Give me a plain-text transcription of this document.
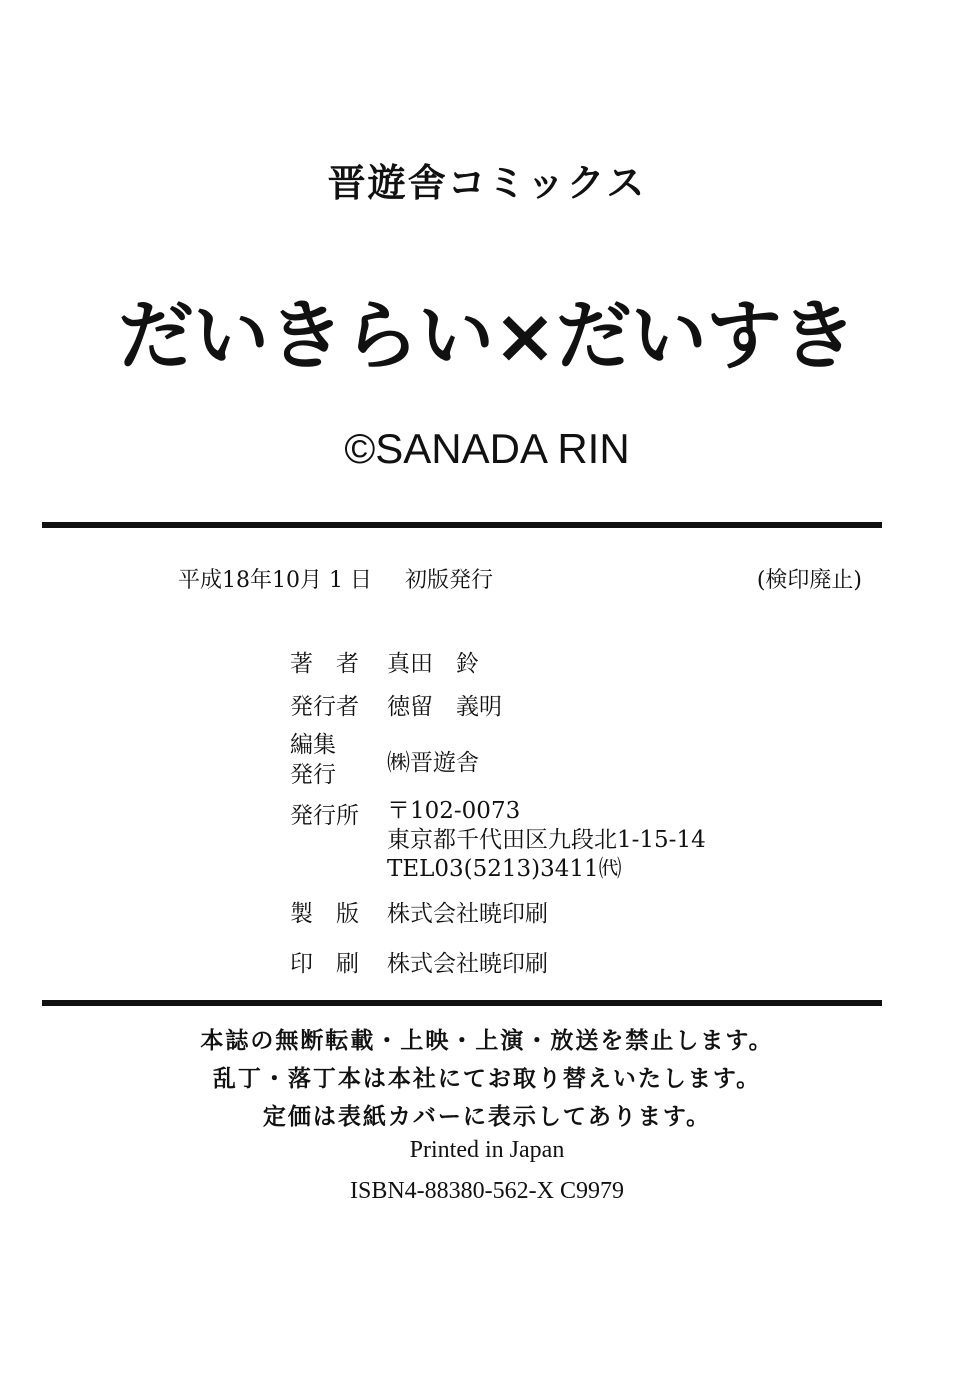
晋遊舎コミックス
だいきらい×だいすき
©SANADA RIN
平成18年10月 1 日 初版発行	(検印廃止)
著　者	真田　鈴
発行者	徳留　義明
編集
発行	㈱晋遊舎
発行所	〒102-0073
東京都千代田区九段北1-15-14
TEL03(5213)3411㈹
製　版	株式会社暁印刷
印　刷	株式会社暁印刷
本誌の無断転載・上映・上演・放送を禁止します。
乱丁・落丁本は本社にてお取り替えいたします。
定価は表紙カバーに表示してあります。
Printed in Japan
ISBN4-88380-562-X C9979
